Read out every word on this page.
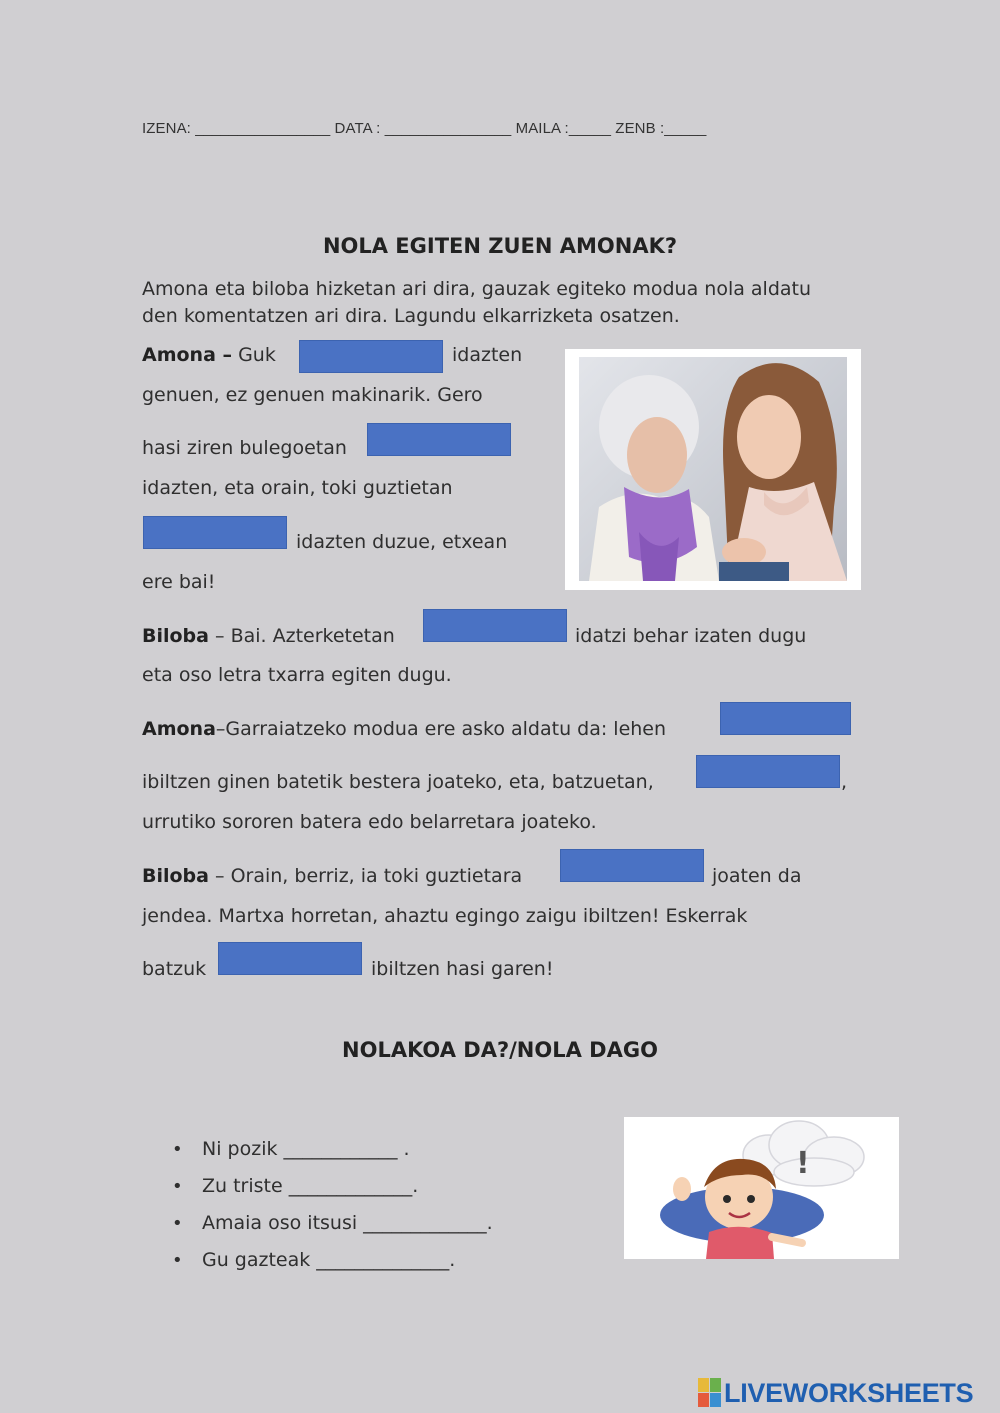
IZENA: ________________ DATA : _______________ MAILA :_____ ZENB :_____
NOLA EGITEN ZUEN AMONAK?
Amona eta biloba hizketan ari dira, gauzak egiteko modua nola aldatu
den komentatzen ari dira. Lagundu elkarrizketa osatzen.
Amona – Guk	idazten
genuen, ez genuen makinarik. Gero
hasi ziren bulegoetan
idazten, eta orain, toki guztietan
idazten duzue, etxean
ere bai!
Biloba – Bai. Azterketetan	idatzi behar izaten dugu
eta oso letra txarra egiten dugu.
Amona–Garraiatzeko modua ere asko aldatu da: lehen
ibiltzen ginen batetik bestera joateko, eta, batzuetan,	,
urrutiko sororen batera edo belarretara joateko.
Biloba – Orain, berriz, ia toki guztietara	joaten da
jendea. Martxa horretan, ahaztu egingo zaigu ibiltzen! Eskerrak
batzuk	ibiltzen hasi garen!
NOLAKOA DA?/NOLA DAGO
• Ni pozik ____________ .
• Zu triste _____________.
• Amaia oso itsusi _____________.
• Gu gazteak ______________.
!
LIVEWORKSHEETS
